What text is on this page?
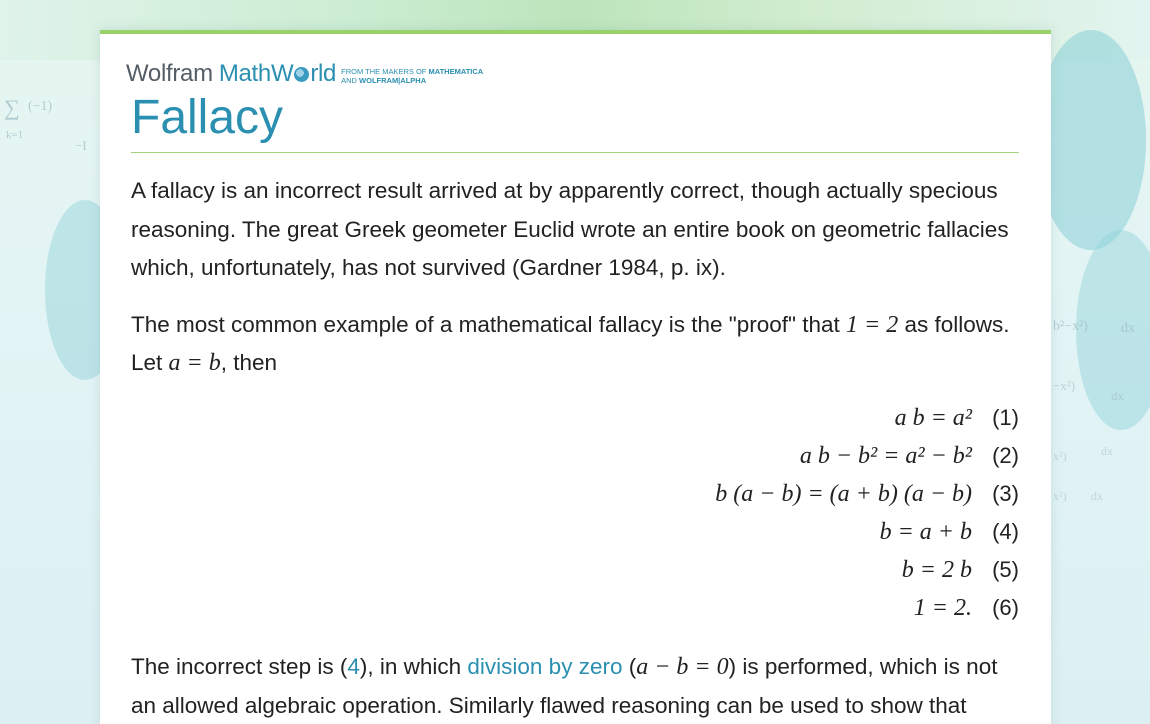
∑ (−1)
k=1
−I
b²−x²) dx
−x²)
dx
x²)	dx
x²) dx
Wolfram MathW rld FROM THE MAKERS OF MATHEMATICA
AND WOLFRAM|ALPHA
Fallacy

A fallacy is an incorrect result arrived at by apparently correct, though actually specious reasoning. The great Greek geometer Euclid wrote an entire book on geometric fallacies which, unfortunately, has not survived (Gardner 1984, p. ix).

The most common example of a mathematical fallacy is the "proof" that 1 = 2 as follows. Let a = b, then

a b = a² (1)
a b − b² = a² − b² (2)
b (a − b) = (a + b) (a − b) (3)
b = a + b (4)
b = 2 b (5)
1 = 2. (6)

The incorrect step is (4), in which division by zero (a − b = 0) is performed, which is not an allowed algebraic operation. Similarly flawed reasoning can be used to show that
